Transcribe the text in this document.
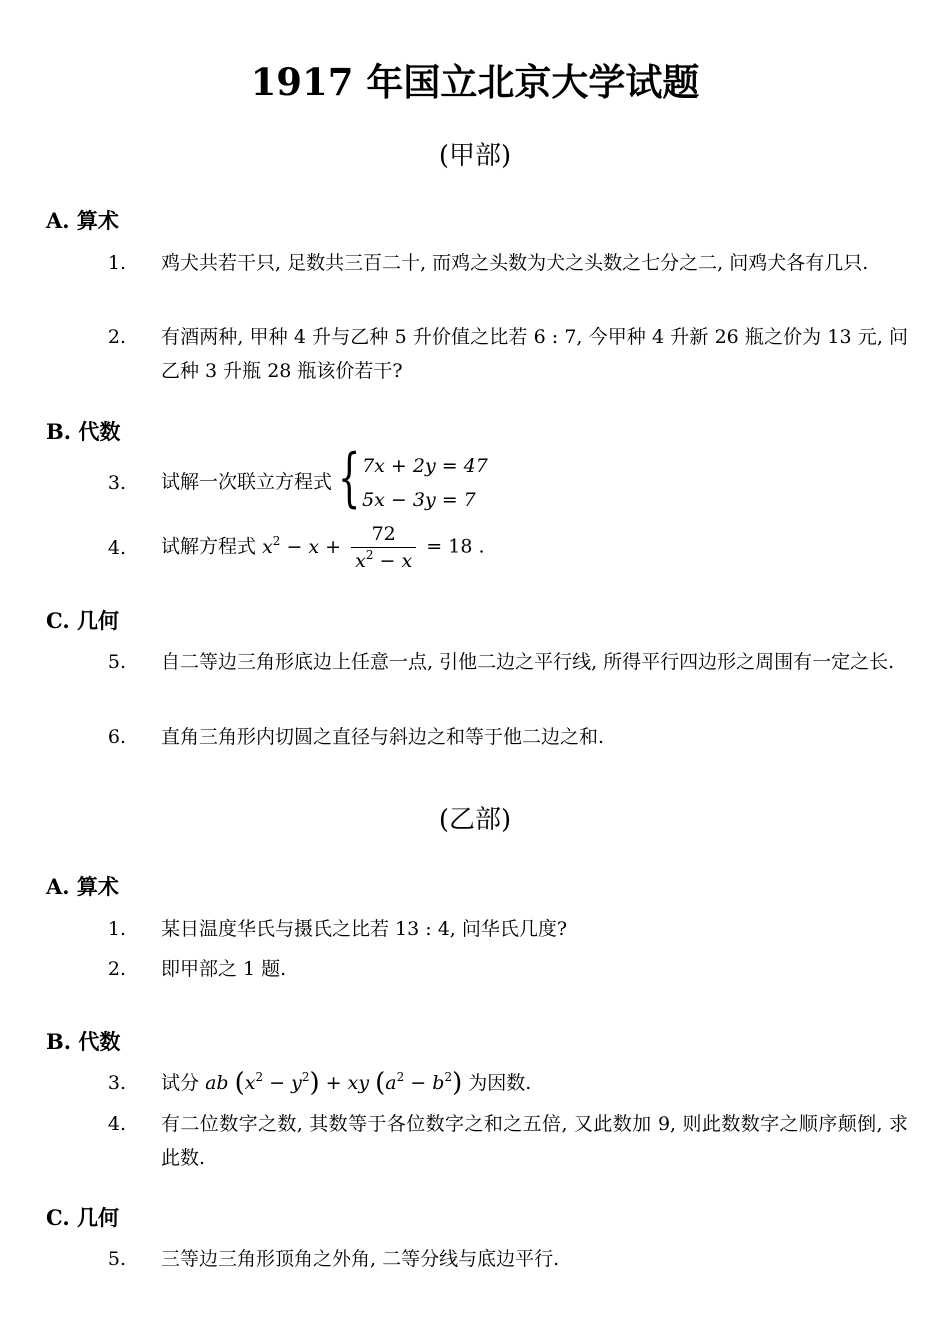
1917 年国立北京大学试题
(甲部)
A. 算术
1. 鸡犬共若干只, 足数共三百二十, 而鸡之头数为犬之头数之七分之二, 问鸡犬各有几只.
2. 有酒两种, 甲种 4 升与乙种 5 升价值之比若 6 : 7, 今甲种 4 升新 26 瓶之价为 13 元, 问乙种 3 升瓶 28 瓶该价若干?
B. 代数
3. 试解一次联立方程式 { 7x + 2y = 47
5x − 3y = 7
4. 试解方程式 $x^2 - x + \frac{72}{x^2 - x} = 18$ .
C. 几何
5. 自二等边三角形底边上任意一点, 引他二边之平行线, 所得平行四边形之周围有一定之长.
6. 直角三角形内切圆之直径与斜边之和等于他二边之和.
(乙部)
A. 算术
1. 某日温度华氏与摄氏之比若 13 : 4, 问华氏几度?
2. 即甲部之 1 题.
B. 代数
3. 试分 ab $(x^2 - y^2)$ + xy $(a^2 - b^2)$ 为因数.
4. 有二位数字之数, 其数等于各位数字之和之五倍, 又此数加 9, 则此数数字之顺序颠倒, 求此数.
C. 几何
5. 三等边三角形顶角之外角, 二等分线与底边平行.
